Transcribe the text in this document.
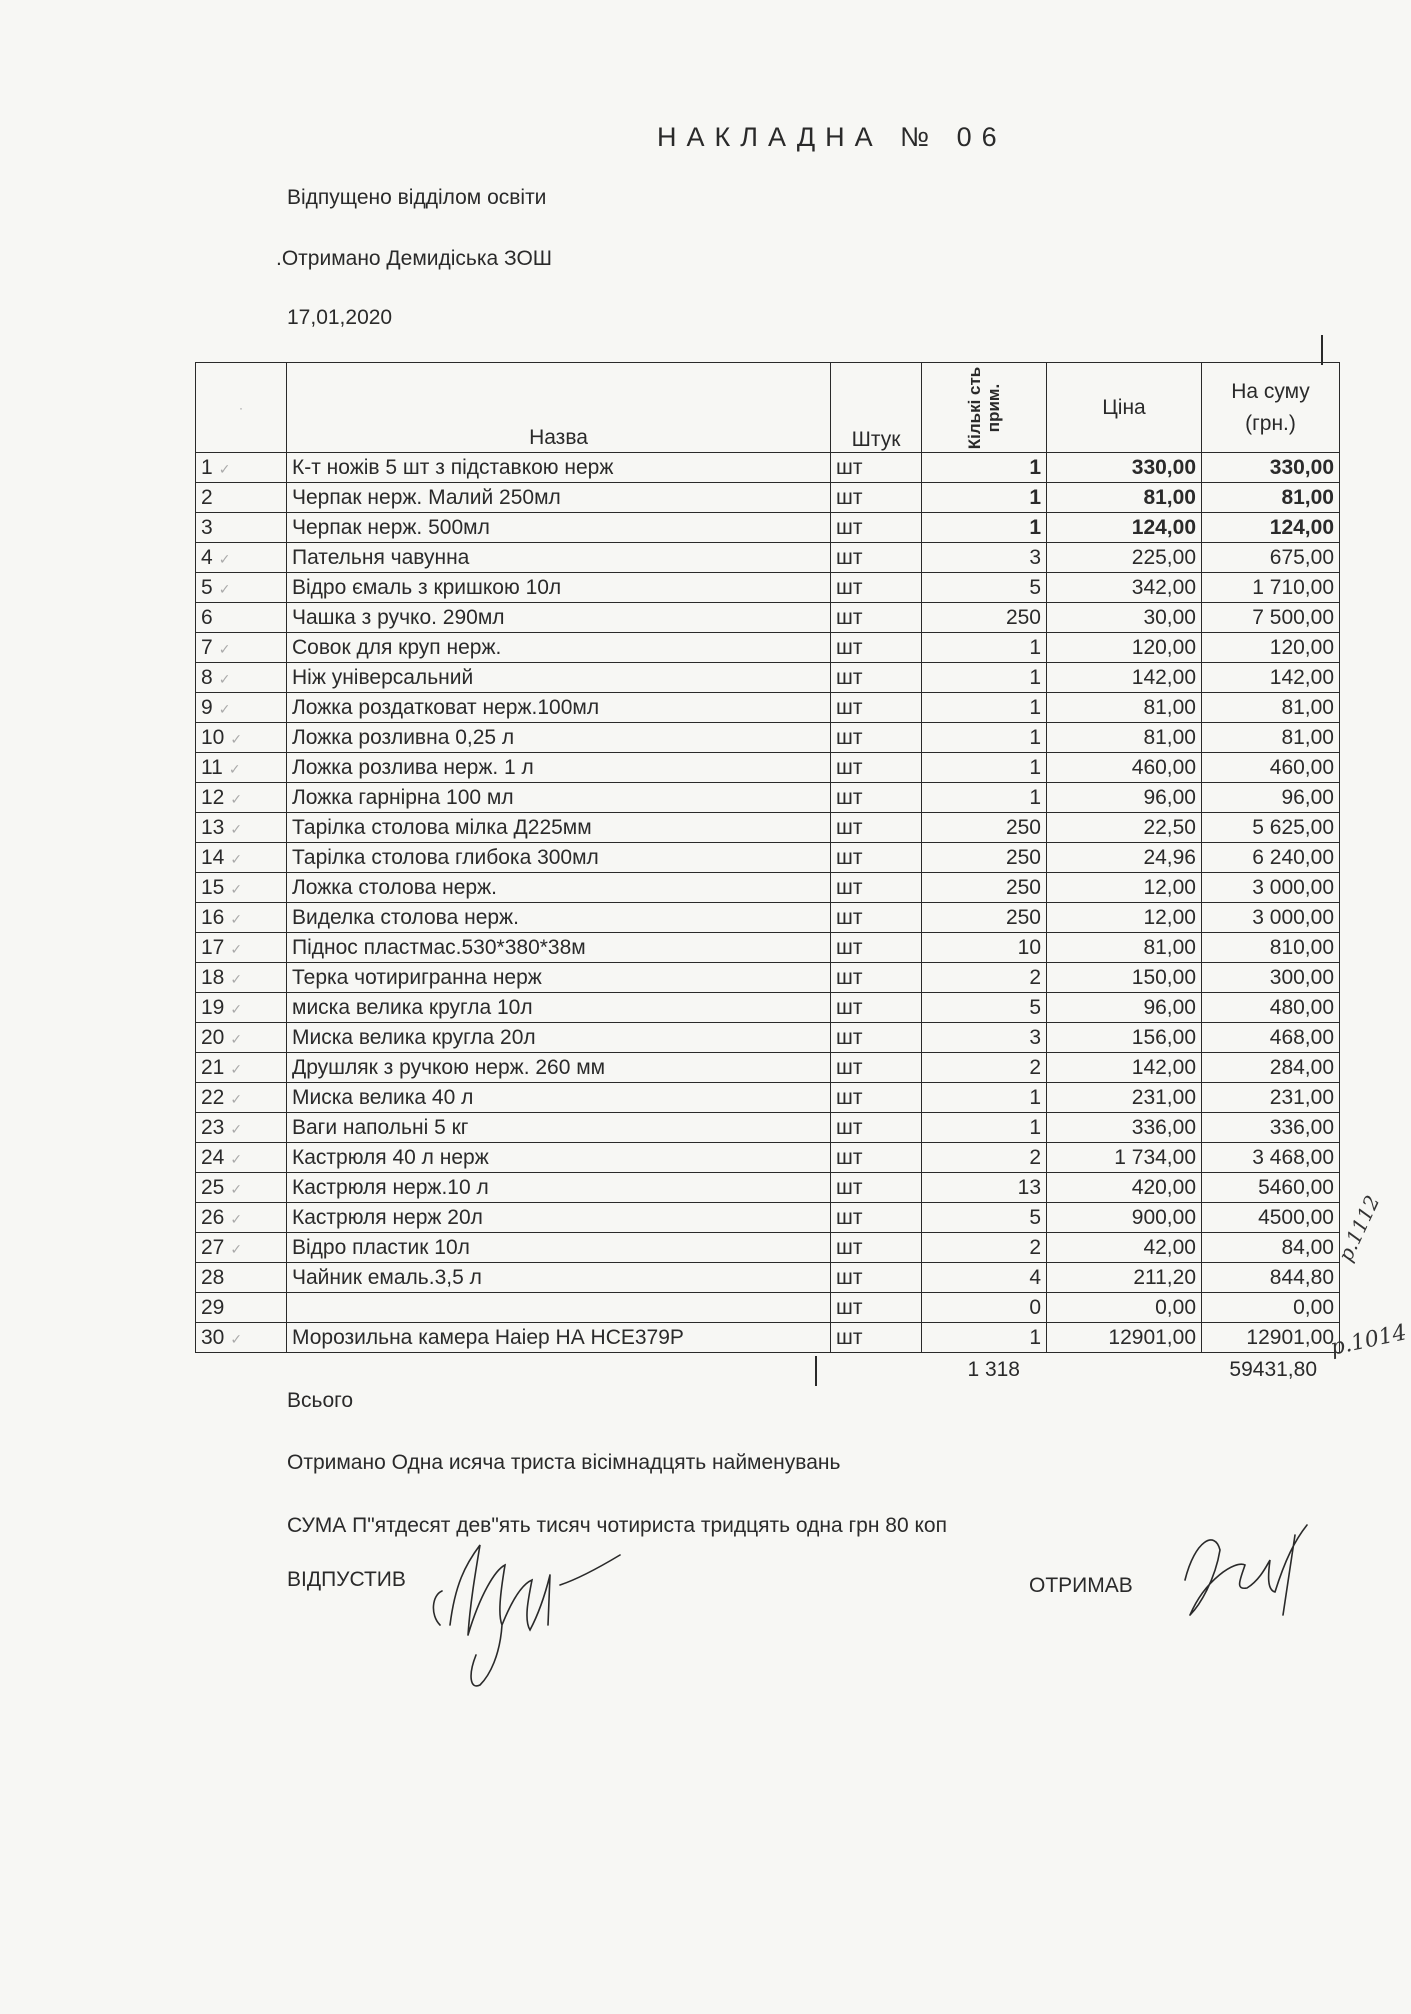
НАКЛАДНА № 06
Відпущено відділом освіти
.Отримано Демидіська ЗОШ
17,01,2020
·	Назва	Штук	Кількі сть прим.	Ціна	На суму (грн.)
1 ✓	К-т ножів 5 шт з підставкою нерж	шт	1	330,00	330,00
2	Черпак нерж. Малий 250мл	шт	1	81,00	81,00
3	Черпак нерж. 500мл	шт	1	124,00	124,00
4 ✓	Пательня чавунна	шт	3	225,00	675,00
5 ✓	Відро ємаль з кришкою 10л	шт	5	342,00	1 710,00
6	Чашка з ручко. 290мл	шт	250	30,00	7 500,00
7 ✓	Совок для круп нерж.	шт	1	120,00	120,00
8 ✓	Ніж універсальний	шт	1	142,00	142,00
9 ✓	Ложка роздатковат нерж.100мл	шт	1	81,00	81,00
10 ✓	Ложка розливна 0,25 л	шт	1	81,00	81,00
11 ✓	Ложка розлива нерж. 1 л	шт	1	460,00	460,00
12 ✓	Ложка гарнірна 100 мл	шт	1	96,00	96,00
13 ✓	Тарілка столова мілка Д225мм	шт	250	22,50	5 625,00
14 ✓	Тарілка столова глибока 300мл	шт	250	24,96	6 240,00
15 ✓	Ложка столова нерж.	шт	250	12,00	3 000,00
16 ✓	Виделка столова нерж.	шт	250	12,00	3 000,00
17 ✓	Піднос пластмас.530*380*38м	шт	10	81,00	810,00
18 ✓	Терка чотиригранна нерж	шт	2	150,00	300,00
19 ✓	миска велика кругла 10л	шт	5	96,00	480,00
20 ✓	Миска велика кругла 20л	шт	3	156,00	468,00
21 ✓	Друшляк з ручкою нерж. 260 мм	шт	2	142,00	284,00
22 ✓	Миска велика 40 л	шт	1	231,00	231,00
23 ✓	Ваги напольні 5 кг	шт	1	336,00	336,00
24 ✓	Кастрюля 40 л нерж	шт	2	1 734,00	3 468,00
25 ✓	Кастрюля нерж.10 л	шт	13	420,00	5460,00
26 ✓	Кастрюля нерж 20л	шт	5	900,00	4500,00
27 ✓	Відро пластик 10л	шт	2	42,00	84,00
28	Чайник емаль.3,5 л	шт	4	211,20	844,80
29		шт	0	0,00	0,00
30 ✓	Морозильна камера Наіер НА НСЕ379Р	шт	1	12901,00	12901,00
1 318	59431,80
Всього
Отримано Одна исяча триста вісімнадцять найменувань
СУМА П"ятдесят дев"ять тисяч чотириста тридцять одна грн 80 коп
ВІДПУСТИВ	ОТРИМАВ
р.1112
р.1014
